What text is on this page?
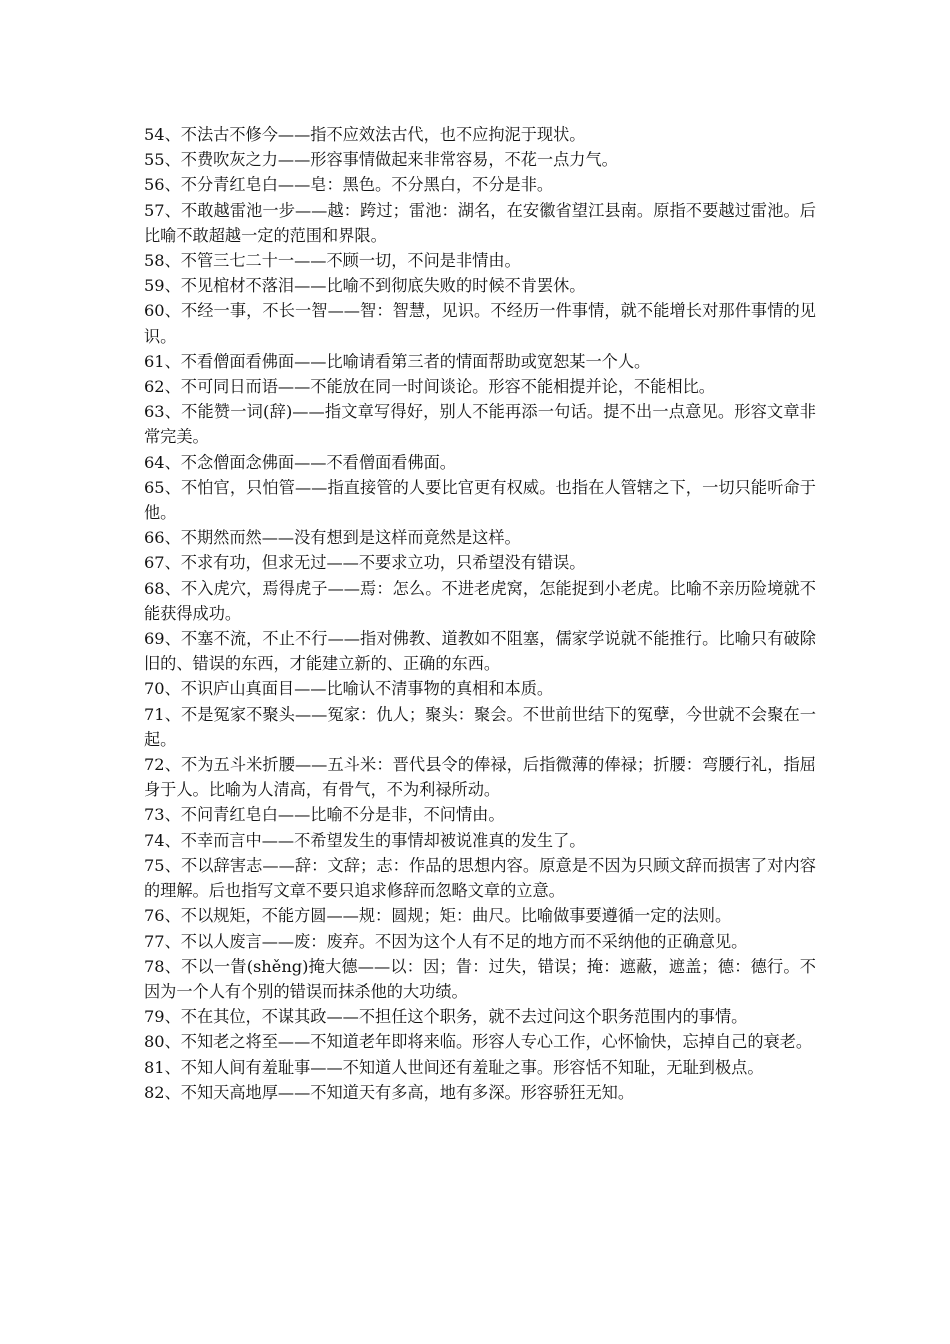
54、不法古不修今——指不应效法古代，也不应拘泥于现状。

55、不费吹灰之力——形容事情做起来非常容易，不花一点力气。

56、不分青红皂白——皂：黑色。不分黑白，不分是非。

57、不敢越雷池一步——越：跨过；雷池：湖名，在安徽省望江县南。原指不要越过雷池。后比喻不敢超越一定的范围和界限。

58、不管三七二十一——不顾一切，不问是非情由。

59、不见棺材不落泪——比喻不到彻底失败的时候不肯罢休。

60、不经一事，不长一智——智：智慧，见识。不经历一件事情，就不能增长对那件事情的见识。

61、不看僧面看佛面——比喻请看第三者的情面帮助或宽恕某一个人。

62、不可同日而语——不能放在同一时间谈论。形容不能相提并论，不能相比。

63、不能赞一词(辞)——指文章写得好，别人不能再添一句话。提不出一点意见。形容文章非常完美。

64、不念僧面念佛面——不看僧面看佛面。

65、不怕官，只怕管——指直接管的人要比官更有权威。也指在人管辖之下，一切只能听命于他。

66、不期然而然——没有想到是这样而竟然是这样。

67、不求有功，但求无过——不要求立功，只希望没有错误。

68、不入虎穴，焉得虎子——焉：怎么。不进老虎窝，怎能捉到小老虎。比喻不亲历险境就不能获得成功。

69、不塞不流，不止不行——指对佛教、道教如不阻塞，儒家学说就不能推行。比喻只有破除旧的、错误的东西，才能建立新的、正确的东西。

70、不识庐山真面目——比喻认不清事物的真相和本质。

71、不是冤家不聚头——冤家：仇人；聚头：聚会。不世前世结下的冤孽，今世就不会聚在一起。

72、不为五斗米折腰——五斗米：晋代县令的俸禄，后指微薄的俸禄；折腰：弯腰行礼，指屈身于人。比喻为人清高，有骨气，不为利禄所动。

73、不问青红皂白——比喻不分是非，不问情由。

74、不幸而言中——不希望发生的事情却被说准真的发生了。

75、不以辞害志——辞：文辞；志：作品的思想内容。原意是不因为只顾文辞而损害了对内容的理解。后也指写文章不要只追求修辞而忽略文章的立意。

76、不以规矩，不能方圆——规：圆规；矩：曲尺。比喻做事要遵循一定的法则。

77、不以人废言——废：废弃。不因为这个人有不足的地方而不采纳他的正确意见。

78、不以一眚(shěng)掩大德——以：因；眚：过失，错误；掩：遮蔽，遮盖；德：德行。不因为一个人有个别的错误而抹杀他的大功绩。

79、不在其位，不谋其政——不担任这个职务，就不去过问这个职务范围内的事情。

80、不知老之将至——不知道老年即将来临。形容人专心工作，心怀愉快，忘掉自己的衰老。

81、不知人间有羞耻事——不知道人世间还有羞耻之事。形容恬不知耻，无耻到极点。

82、不知天高地厚——不知道天有多高，地有多深。形容骄狂无知。
